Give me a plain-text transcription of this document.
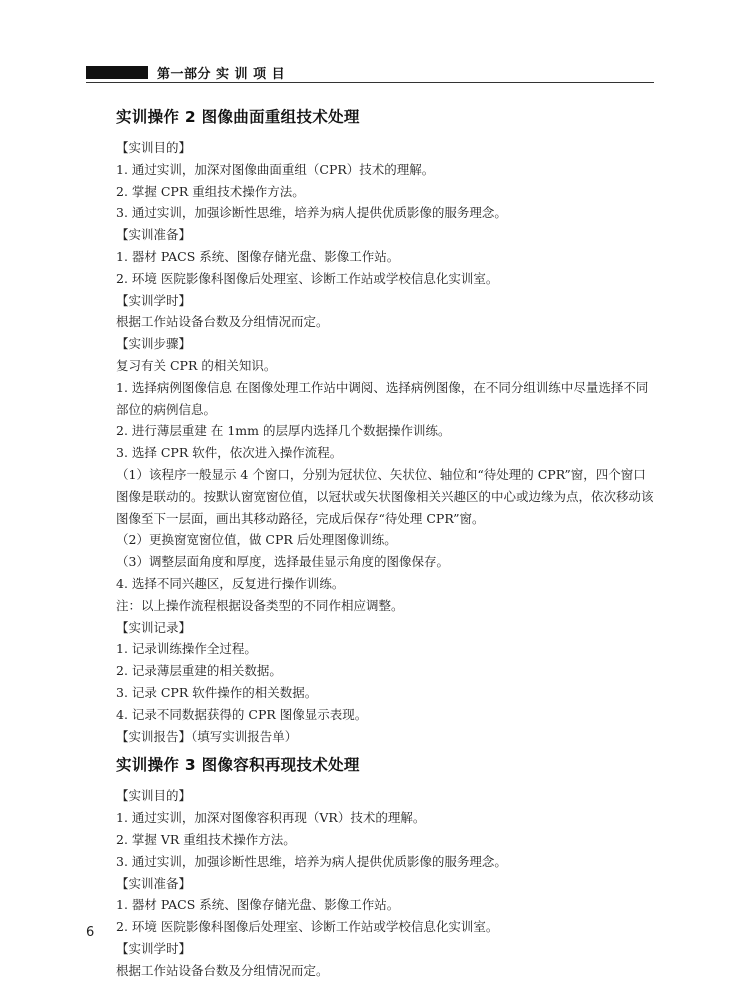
第一部分 实 训 项 目
实训操作 2 图像曲面重组技术处理

【实训目的】

1. 通过实训，加深对图像曲面重组（CPR）技术的理解。

2. 掌握 CPR 重组技术操作方法。

3. 通过实训，加强诊断性思维，培养为病人提供优质影像的服务理念。

【实训准备】

1. 器材 PACS 系统、图像存储光盘、影像工作站。

2. 环境 医院影像科图像后处理室、诊断工作站或学校信息化实训室。

【实训学时】

根据工作站设备台数及分组情况而定。

【实训步骤】

复习有关 CPR 的相关知识。

1. 选择病例图像信息 在图像处理工作站中调阅、选择病例图像，在不同分组训练中尽量选择不同部位的病例信息。

2. 进行薄层重建 在 1mm 的层厚内选择几个数据操作训练。

3. 选择 CPR 软件，依次进入操作流程。

（1）该程序一般显示 4 个窗口，分别为冠状位、矢状位、轴位和“待处理的 CPR”窗，四个窗口图像是联动的。按默认窗宽窗位值，以冠状或矢状图像相关兴趣区的中心或边缘为点，依次移动该图像至下一层面，画出其移动路径，完成后保存“待处理 CPR”窗。

（2）更换窗宽窗位值，做 CPR 后处理图像训练。

（3）调整层面角度和厚度，选择最佳显示角度的图像保存。

4. 选择不同兴趣区，反复进行操作训练。

注：以上操作流程根据设备类型的不同作相应调整。

【实训记录】

1. 记录训练操作全过程。

2. 记录薄层重建的相关数据。

3. 记录 CPR 软件操作的相关数据。

4. 记录不同数据获得的 CPR 图像显示表现。

【实训报告】（填写实训报告单）

实训操作 3 图像容积再现技术处理

【实训目的】

1. 通过实训，加深对图像容积再现（VR）技术的理解。

2. 掌握 VR 重组技术操作方法。

3. 通过实训，加强诊断性思维，培养为病人提供优质影像的服务理念。

【实训准备】

1. 器材 PACS 系统、图像存储光盘、影像工作站。

2. 环境 医院影像科图像后处理室、诊断工作站或学校信息化实训室。

【实训学时】

根据工作站设备台数及分组情况而定。

6
